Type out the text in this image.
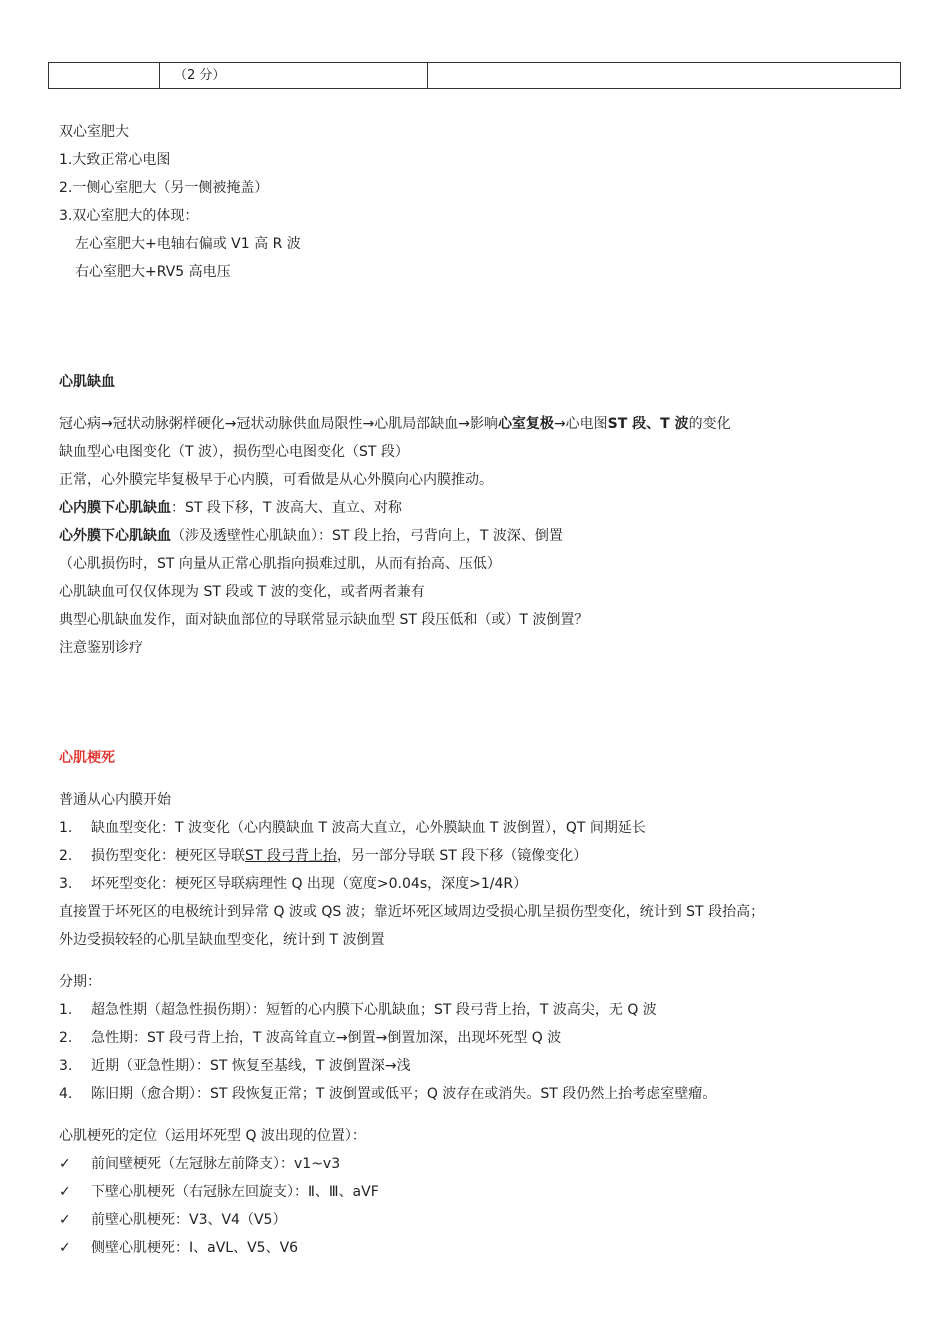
（2 分）
双心室肥大
1.大致正常心电图
2.一侧心室肥大（另一侧被掩盖）
3.双心室肥大的体现：
左心室肥大+电轴右偏或 V1 高 R 波
右心室肥大+RV5 高电压
心肌缺血
冠心病→冠状动脉粥样硬化→冠状动脉供血局限性→心肌局部缺血→影响心室复极→心电图ST 段、T 波的变化
缺血型心电图变化（T 波），损伤型心电图变化（ST 段）
正常，心外膜完毕复极早于心内膜，可看做是从心外膜向心内膜推动。
心内膜下心肌缺血：ST 段下移，T 波高大、直立、对称
心外膜下心肌缺血（涉及透壁性心肌缺血）：ST 段上抬，弓背向上，T 波深、倒置
（心肌损伤时，ST 向量从正常心肌指向损难过肌，从而有抬高、压低）
心肌缺血可仅仅体现为 ST 段或 T 波的变化，或者两者兼有
典型心肌缺血发作，面对缺血部位的导联常显示缺血型 ST 段压低和（或）T 波倒置？
注意鉴别诊疗
心肌梗死
普通从心内膜开始
1.	缺血型变化：T 波变化（心内膜缺血 T 波高大直立，心外膜缺血 T 波倒置），QT 间期延长
2.	损伤型变化：梗死区导联 ST 段弓背上抬 ，另一部分导联 ST 段下移（镜像变化）
3.	坏死型变化：梗死区导联病理性 Q 出现（宽度>0.04s，深度>1/4R）
直接置于坏死区的电极统计到异常 Q 波或 QS 波；靠近坏死区域周边受损心肌呈损伤型变化，统计到 ST 段抬高；
外边受损较轻的心肌呈缺血型变化，统计到 T 波倒置
分期：
1.	超急性期（超急性损伤期）：短暂的心内膜下心肌缺血；ST 段弓背上抬，T 波高尖，无 Q 波
2.	急性期：ST 段弓背上抬，T 波高耸直立→倒置→倒置加深，出现坏死型 Q 波
3.	近期（亚急性期）：ST 恢复至基线，T 波倒置深→浅
4.	陈旧期（愈合期）：ST 段恢复正常；T 波倒置或低平；Q 波存在或消失。ST 段仍然上抬考虑室壁瘤。
心肌梗死的定位（运用坏死型 Q 波出现的位置）：
✓	前间壁梗死（左冠脉左前降支）：v1~v3
✓	下壁心肌梗死（右冠脉左回旋支）：Ⅱ、Ⅲ、aVF
✓	前壁心肌梗死：V3、V4（V5）
✓	侧壁心肌梗死：Ⅰ、aVL、V5、V6
